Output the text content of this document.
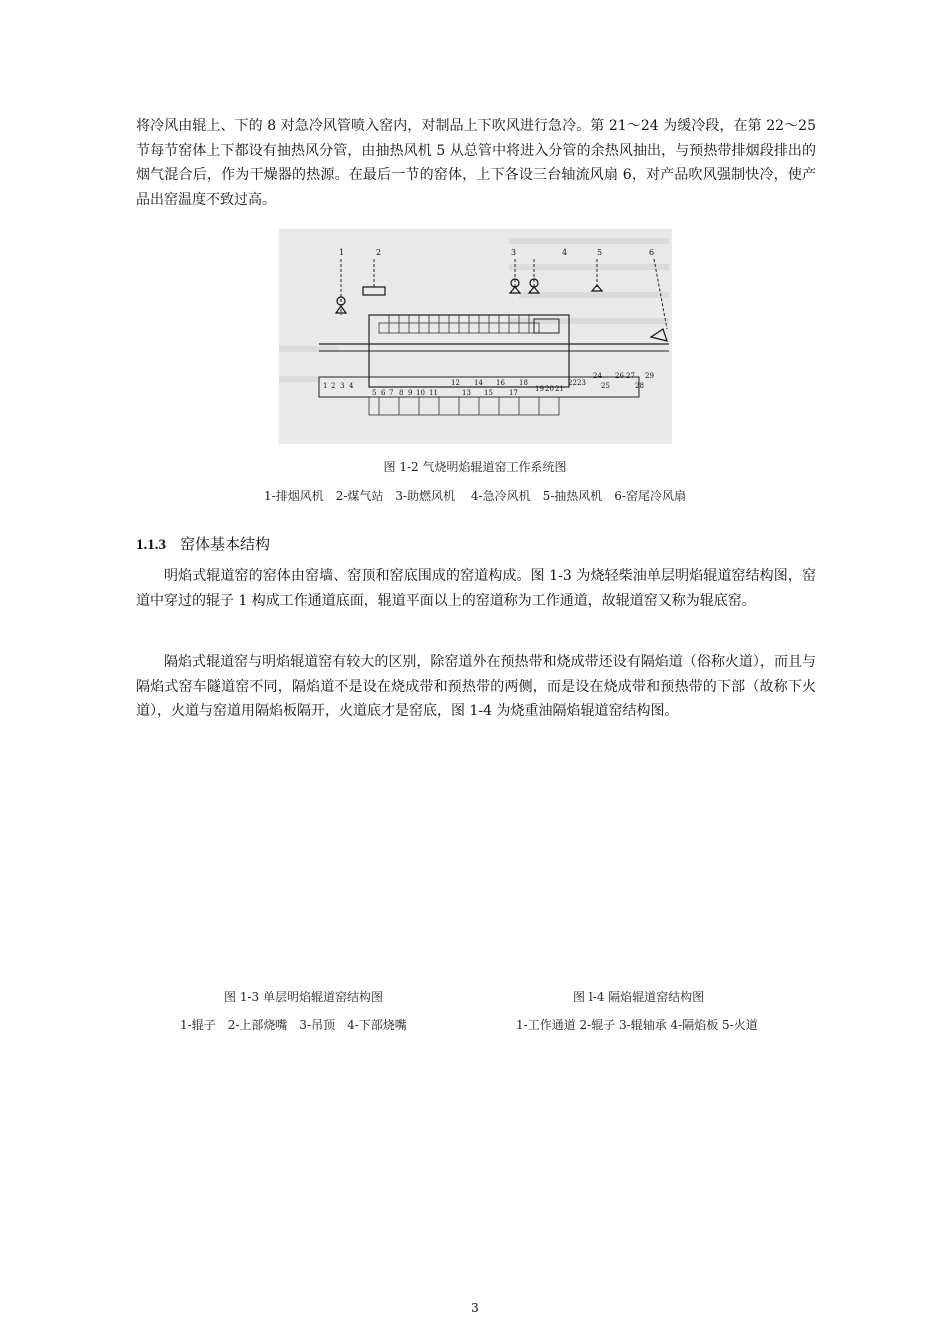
将冷风由辊上、下的 8 对急冷风管喷入窑内，对制品上下吹风进行急冷。第 21～24 为缓冷段，在第 22～25 节每节窑体上下都设有抽热风分管，由抽热风机 5 从总管中将进入分管的余热风抽出，与预热带排烟段排出的烟气混合后，作为干燥器的热源。在最后一节的窑体，上下各设三台轴流风扇 6，对产品吹风强制快冷，使产品出窑温度不致过高。

1	2	3	4	5	6
1 2 3 4
5 6 7 8 9 10 11
12
13
14
15
16
17
18
19 20 21
22 23
24
25
26 27
28
29
图 1-2 气烧明焰辊道窑工作系统图
1-排烟风机　2-煤气站　3-助燃风机　 4-急冷风机　5-抽热风机　6-窑尾冷风扇
1.1.3 窑体基本结构

明焰式辊道窑的窑体由窑墙、窑顶和窑底围成的窑道构成。图 1-3 为烧轻柴油单层明焰辊道窑结构图，窑道中穿过的辊子 1 构成工作通道底面，辊道平面以上的窑道称为工作通道，故辊道窑又称为辊底窑。

隔焰式辊道窑与明焰辊道窑有较大的区别，除窑道外在预热带和烧成带还设有隔焰道（俗称火道），而且与隔焰式窑车隧道窑不同，隔焰道不是设在烧成带和预热带的两侧，而是设在烧成带和预热带的下部（故称下火道），火道与窑道用隔焰板隔开，火道底才是窑底，图 1-4 为烧重油隔焰辊道窑结构图。

图 1-3 单层明焰辊道窑结构图
1-辊子　2-上部烧嘴　3-吊顶　4-下部烧嘴
图 l-4 隔焰辊道窑结构图
1-工作通道 2-辊子 3-辊轴承 4-隔焰板 5-火道
3
